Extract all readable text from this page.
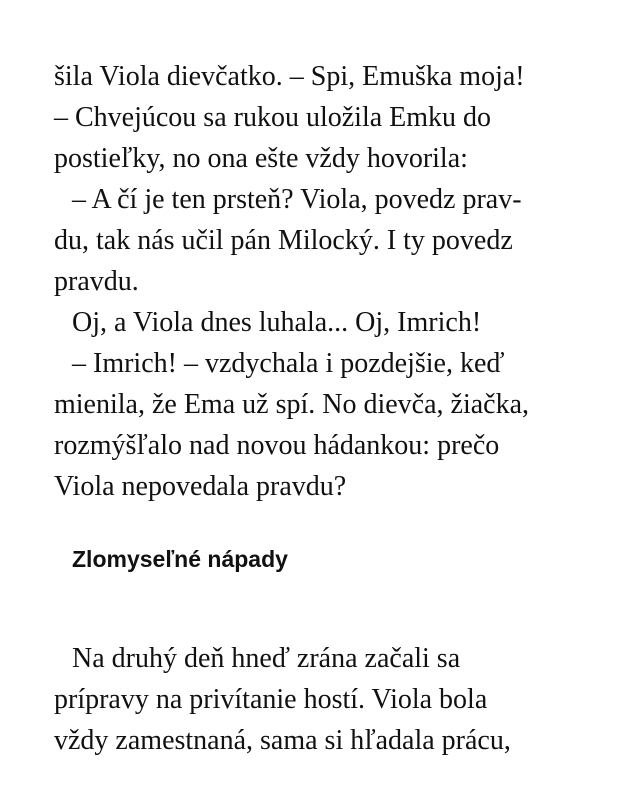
šila Viola dievčatko. – Spi, Emuška moja!
– Chvejúcou sa rukou uložila Emku do
postieľky, no ona ešte vždy hovorila:
– A čí je ten prsteň? Viola, povedz prav-
du, tak nás učil pán Milocký. I ty povedz
pravdu.
Oj, a Viola dnes luhala... Oj, Imrich!
– Imrich! – vzdychala i pozdejšie, keď
mienila, že Ema už spí. No dievča, žiačka,
rozmýšľalo nad novou hádankou: prečo
Viola nepovedala pravdu?
Zlomyseľné nápady
Na druhý deň hneď zrána začali sa
prípravy na privítanie hostí. Viola bola
vždy zamestnaná, sama si hľadala prácu,
